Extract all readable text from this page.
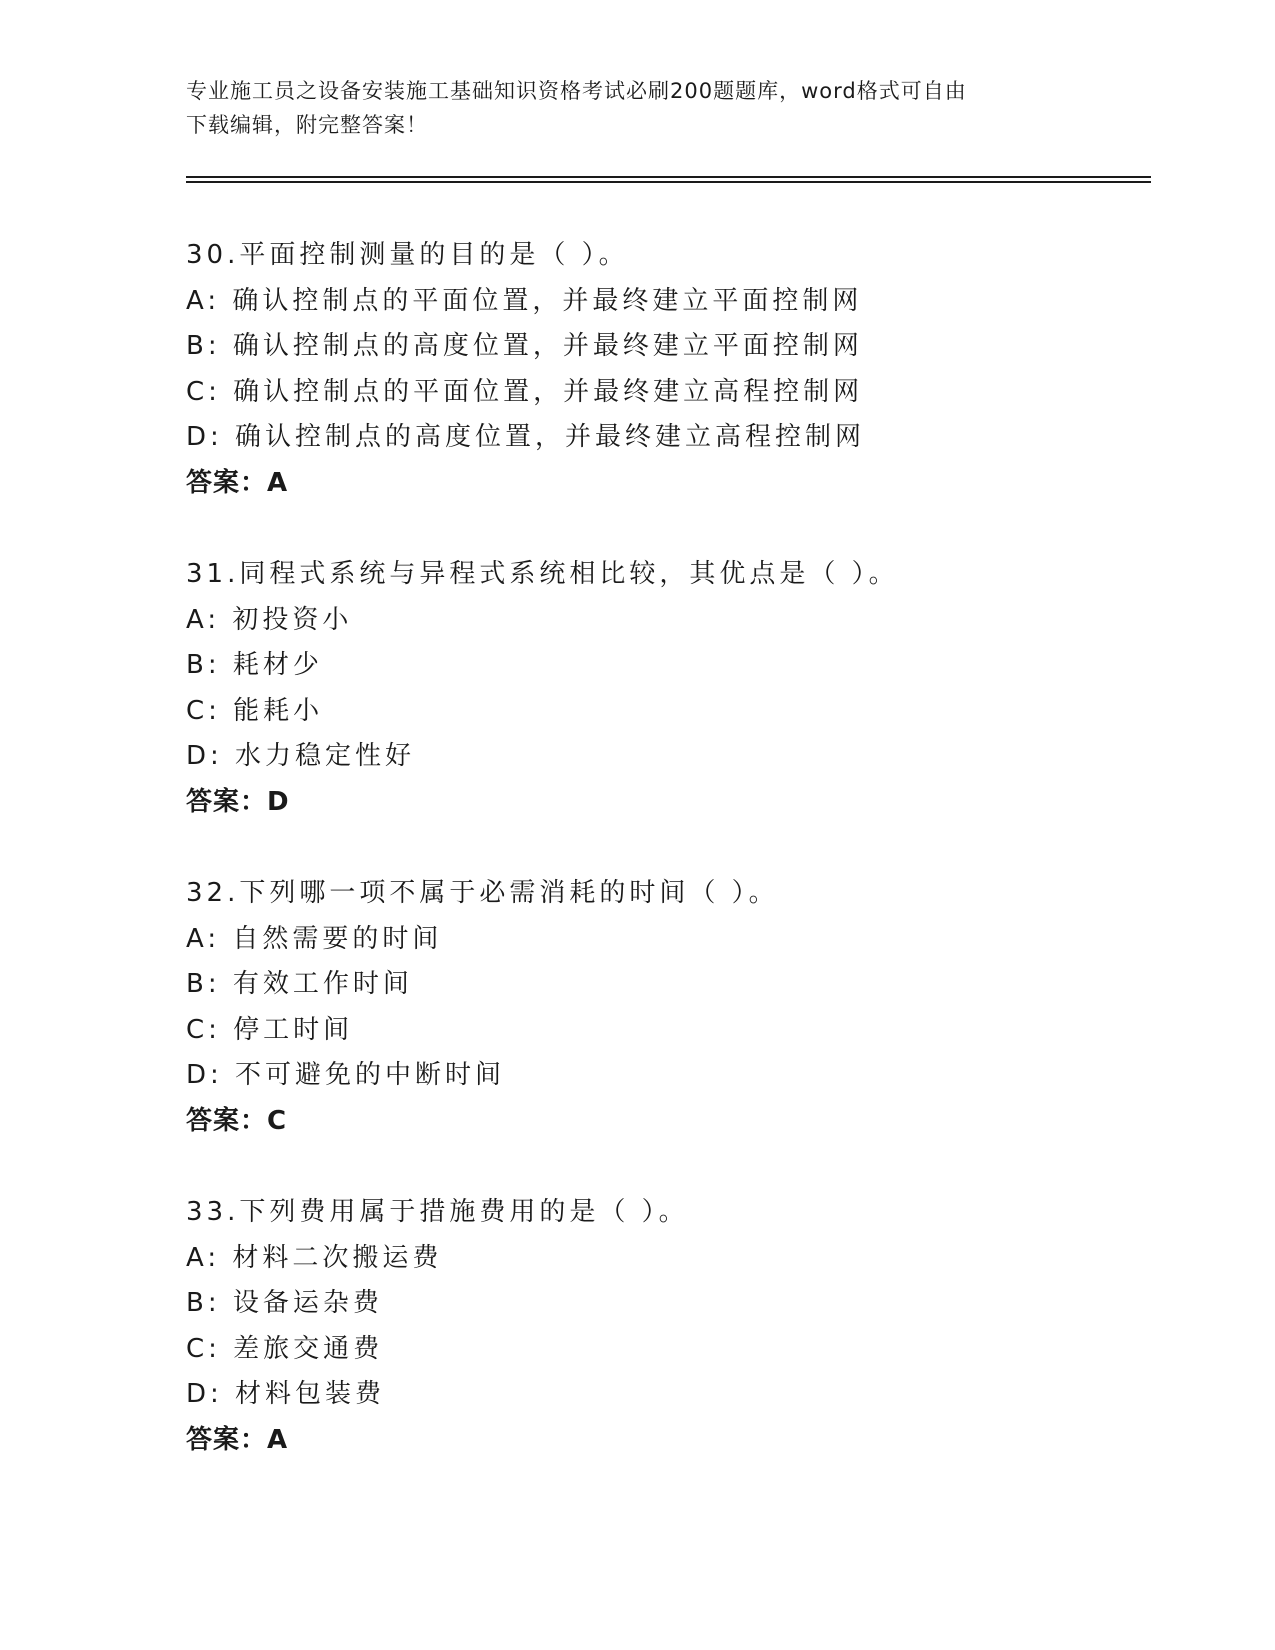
专业施工员之设备安装施工基础知识资格考试必刷200题题库，word格式可自由
下载编辑，附完整答案！
30.平面控制测量的目的是（ ）。
A: 确认控制点的平面位置，并最终建立平面控制网
B: 确认控制点的高度位置，并最终建立平面控制网
C: 确认控制点的平面位置，并最终建立高程控制网
D: 确认控制点的高度位置，并最终建立高程控制网
答案：A
31.同程式系统与异程式系统相比较，其优点是（ ）。
A: 初投资小
B: 耗材少
C: 能耗小
D: 水力稳定性好
答案：D
32.下列哪一项不属于必需消耗的时间（ ）。
A: 自然需要的时间
B: 有效工作时间
C: 停工时间
D: 不可避免的中断时间
答案：C
33.下列费用属于措施费用的是（ ）。
A: 材料二次搬运费
B: 设备运杂费
C: 差旅交通费
D: 材料包装费
答案：A
